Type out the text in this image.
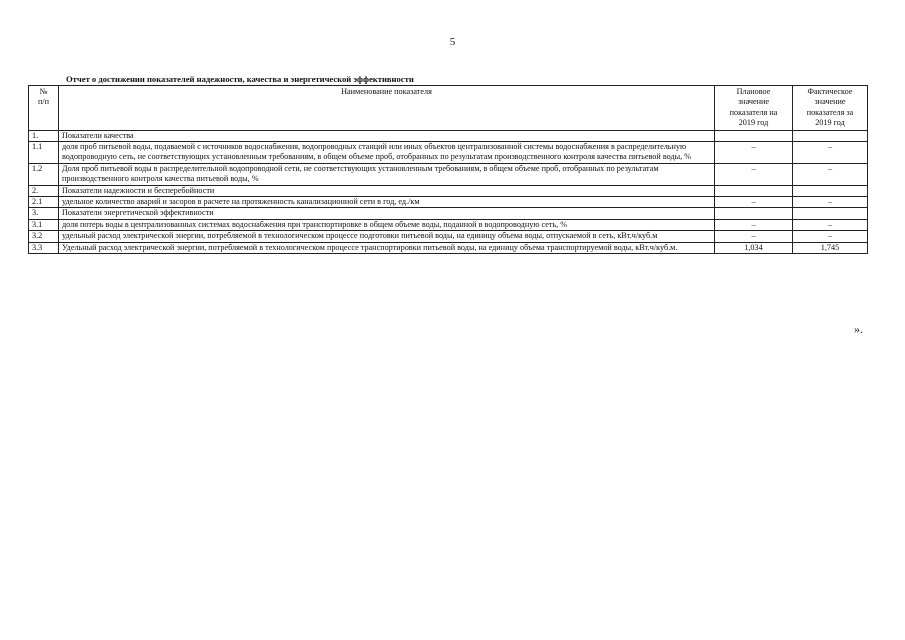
5
Отчет о достижении показателей надежности, качества и энергетической эффективности
№
п/п	Наименование показателя	Плановое
значение
показателя на
2019 год	Фактическое
значение
показателя за
2019 год
1.	Показатели качества		
1.1	доля проб питьевой воды, подаваемой с источников водоснабжения, водопроводных станций или иных объектов централизованной системы водоснабжения в распределительную водопроводную сеть, не соответствующих установленным требованиям, в общем объеме проб, отобранных по результатам производственного контроля качества питьевой воды, %	–	–
1.2	Доля проб питьевой воды в распределительной водопроводной сети, не соответствующих установленным требованиям, в общем объеме проб, отобранных по результатам производственного контроля качества питьевой воды, %	–	–
2.	Показатели надежности и бесперебойности		
2.1	удельное количество аварий и засоров в расчете на протяженность канализационной сети в год, ед./км	–	–
3.	Показатели энергетической эффективности		
3.1	доля потерь воды в централизованных системах водоснабжения при транспортировке в общем объеме воды, поданной в водопроводную сеть, %	–	–
3.2	удельный расход электрической энергии, потребляемой в технологическом процессе подготовки питьевой воды, на единицу объема воды, отпускаемой в сеть, кВт.ч/куб.м	–	–
3.3	Удельный расход электрической энергии, потребляемой в технологическом процессе транспортировки питьевой воды, на единицу объема транспортируемой воды, кВт.ч/куб.м.	1,034	1,745
».
